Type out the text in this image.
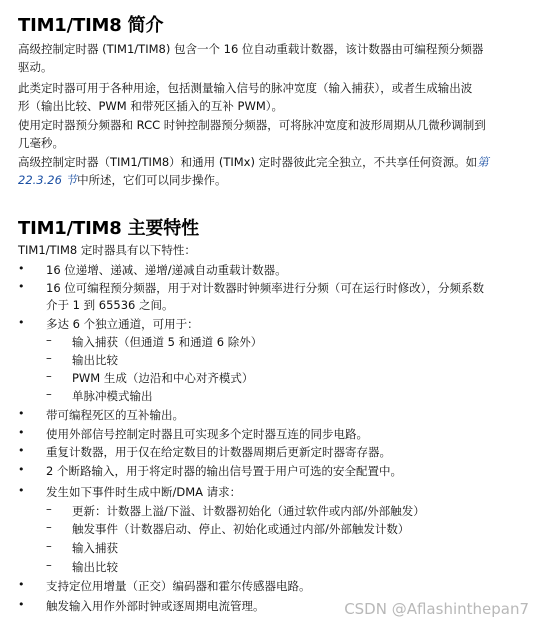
TIM1/TIM8 简介
高级控制定时器 (TIM1/TIM8) 包含一个 16 位自动重载计数器，该计数器由可编程预分频器
驱动。
此类定时器可用于各种用途，包括测量输入信号的脉冲宽度（输入捕获），或者生成输出波
形（输出比较、PWM 和带死区插入的互补 PWM）。
使用定时器预分频器和 RCC 时钟控制器预分频器，可将脉冲宽度和波形周期从几微秒调制到
几毫秒。
高级控制定时器（TIM1/TIM8）和通用 (TIMx) 定时器彼此完全独立，不共享任何资源。如第
22.3.26 节中所述，它们可以同步操作。
TIM1/TIM8 主要特性
TIM1/TIM8 定时器具有以下特性：
• 16 位递增、递减、递增/递减自动重载计数器。
• 16 位可编程预分频器，用于对计数器时钟频率进行分频（可在运行时修改），分频系数
介于 1 到 65536 之间。
• 多达 6 个独立通道，可用于：
– 输入捕获（但通道 5 和通道 6 除外）
– 输出比较
– PWM 生成（边沿和中心对齐模式）
– 单脉冲模式输出
• 带可编程死区的互补输出。
• 使用外部信号控制定时器且可实现多个定时器互连的同步电路。
• 重复计数器，用于仅在给定数目的计数器周期后更新定时器寄存器。
• 2 个断路输入，用于将定时器的输出信号置于用户可选的安全配置中。
• 发生如下事件时生成中断/DMA 请求：
– 更新：计数器上溢/下溢、计数器初始化（通过软件或内部/外部触发）
– 触发事件（计数器启动、停止、初始化或通过内部/外部触发计数）
– 输入捕获
– 输出比较
• 支持定位用增量（正交）编码器和霍尔传感器电路。
• 触发输入用作外部时钟或逐周期电流管理。	CSDN @Aflashinthepan7
